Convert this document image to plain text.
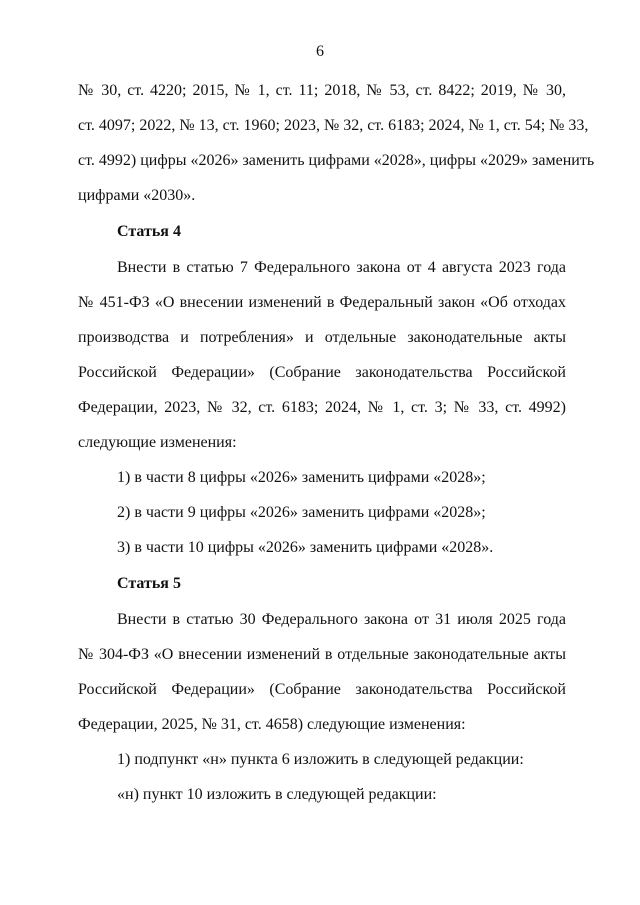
6
№ 30, ст. 4220; 2015, № 1, ст. 11; 2018, № 53, ст. 8422; 2019, № 30,
ст. 4097; 2022, № 13, ст. 1960; 2023, № 32, ст. 6183; 2024, № 1, ст. 54; № 33,
ст. 4992) цифры «2026» заменить цифрами «2028», цифры «2029» заменить
цифрами «2030».
Статья 4
Внести в статью 7 Федерального закона от 4 августа 2023 года
№ 451-ФЗ «О внесении изменений в Федеральный закон «Об отходах
производства и потребления» и отдельные законодательные акты
Российской Федерации» (Собрание законодательства Российской
Федерации, 2023, № 32, ст. 6183; 2024, № 1, ст. 3; № 33, ст. 4992)
следующие изменения:
1) в части 8 цифры «2026» заменить цифрами «2028»;
2) в части 9 цифры «2026» заменить цифрами «2028»;
3) в части 10 цифры «2026» заменить цифрами «2028».
Статья 5
Внести в статью 30 Федерального закона от 31 июля 2025 года
№ 304-ФЗ «О внесении изменений в отдельные законодательные акты
Российской Федерации» (Собрание законодательства Российской
Федерации, 2025, № 31, ст. 4658) следующие изменения:
1) подпункт «н» пункта 6 изложить в следующей редакции:
«н) пункт 10 изложить в следующей редакции:
